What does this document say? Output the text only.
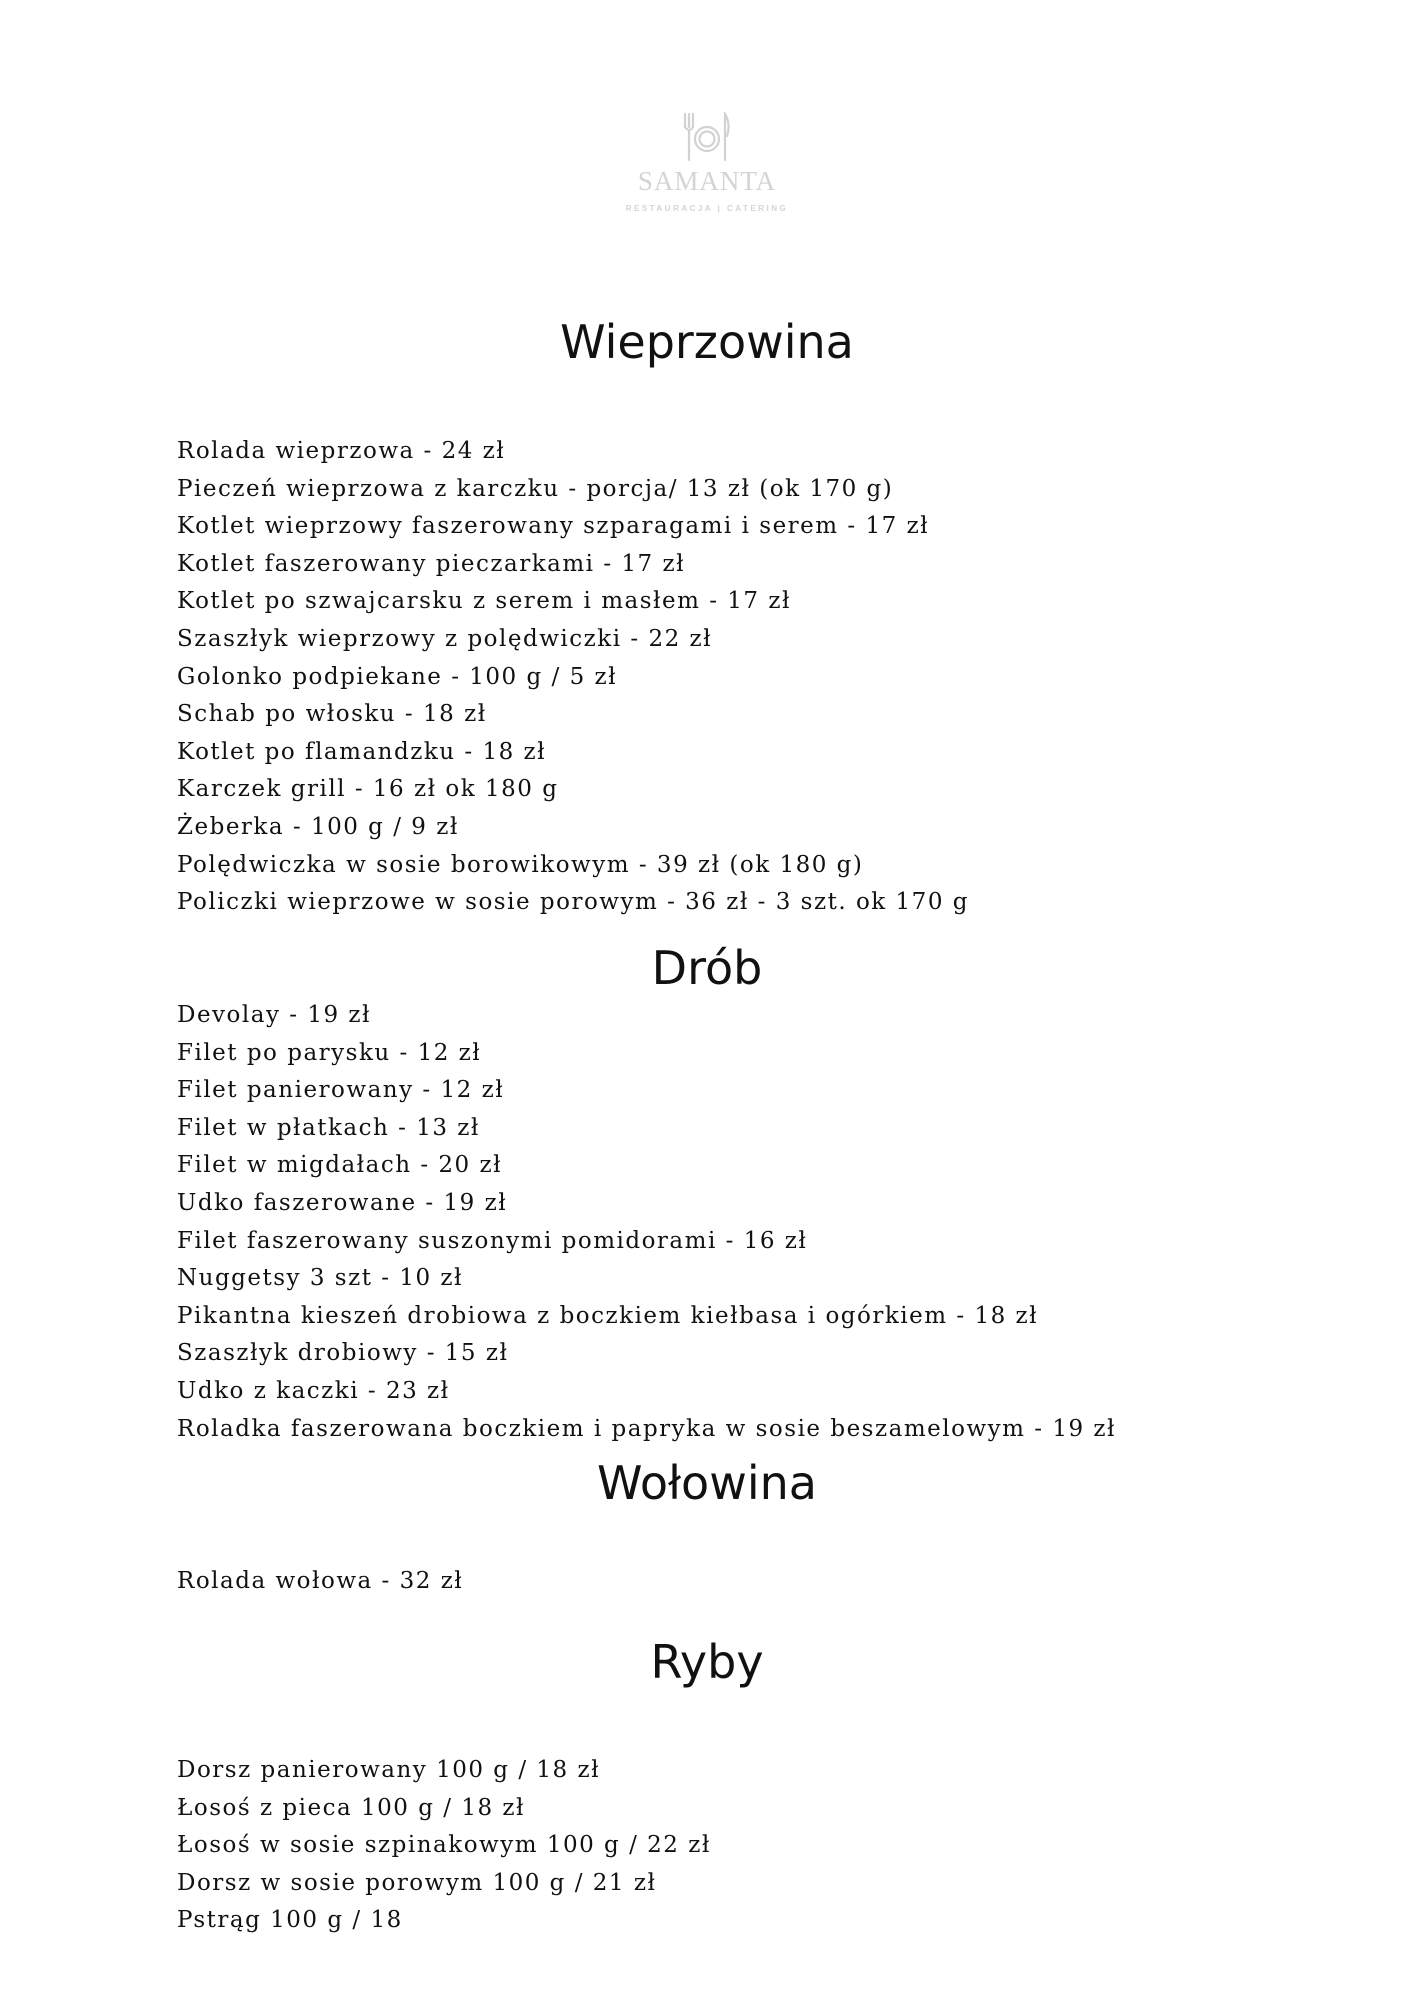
SAMANTA
RESTAURACJA | CATERING
Wieprzowina
Rolada wieprzowa - 24 zł
Pieczeń wieprzowa z karczku - porcja/ 13 zł (ok 170 g)
Kotlet wieprzowy faszerowany szparagami i serem - 17 zł
Kotlet faszerowany pieczarkami - 17 zł
Kotlet po szwajcarsku z serem i masłem - 17 zł
Szaszłyk wieprzowy z polędwiczki - 22 zł
Golonko podpiekane - 100 g / 5 zł
Schab po włosku - 18 zł
Kotlet po flamandzku - 18 zł
Karczek grill - 16 zł ok 180 g
Żeberka - 100 g / 9 zł
Polędwiczka w sosie borowikowym - 39 zł (ok 180 g)
Policzki wieprzowe w sosie porowym - 36 zł - 3 szt. ok 170 g
Drób
Devolay - 19 zł
Filet po parysku - 12 zł
Filet panierowany - 12 zł
Filet w płatkach - 13 zł
Filet w migdałach - 20 zł
Udko faszerowane - 19 zł
Filet faszerowany suszonymi pomidorami - 16 zł
Nuggetsy 3 szt - 10 zł
Pikantna kieszeń drobiowa z boczkiem kiełbasa i ogórkiem - 18 zł
Szaszłyk drobiowy - 15 zł
Udko z kaczki - 23 zł
Roladka faszerowana boczkiem i papryka w sosie beszamelowym - 19 zł
Wołowina
Rolada wołowa - 32 zł
Ryby
Dorsz panierowany 100 g / 18 zł
Łosoś z pieca 100 g / 18 zł
Łosoś w sosie szpinakowym 100 g / 22 zł
Dorsz w sosie porowym 100 g / 21 zł
Pstrąg 100 g / 18
